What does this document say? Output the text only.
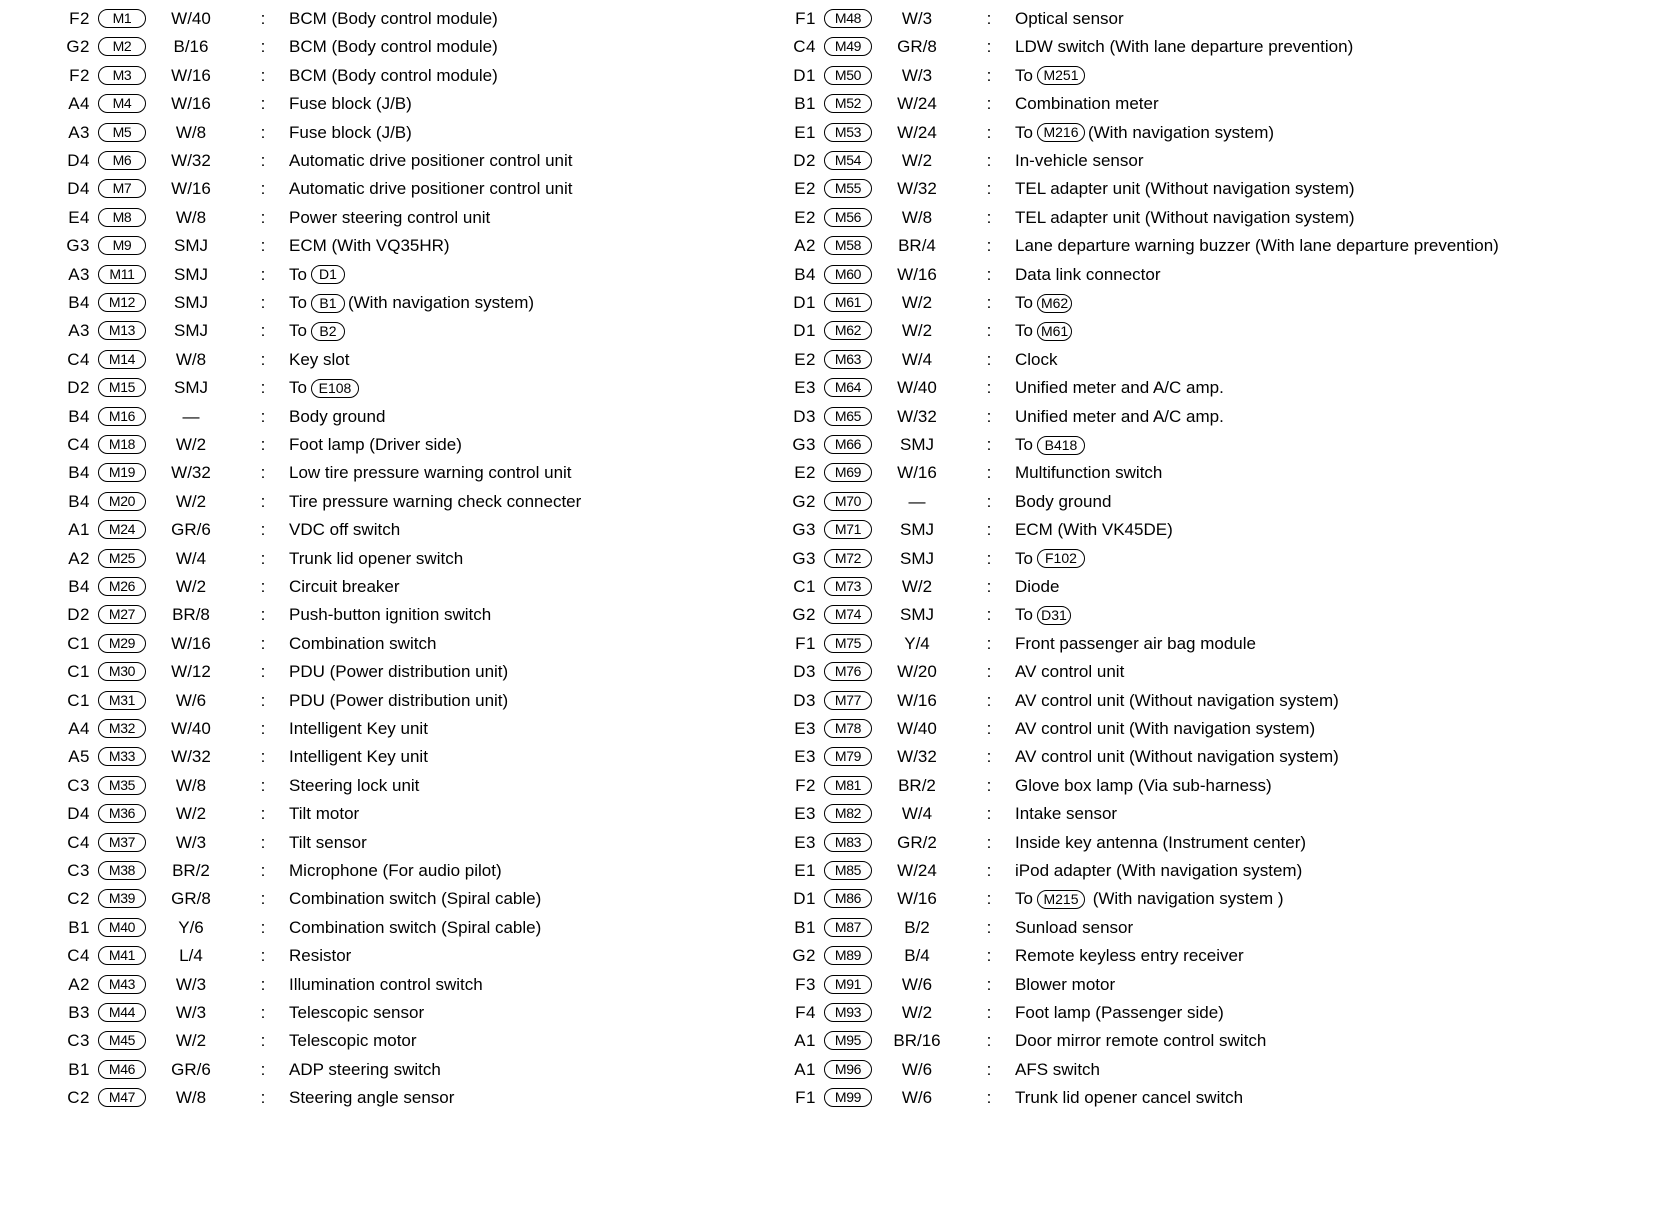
F2	M1	W/40	: BCM (Body control module)
G2	M2	B/16	: BCM (Body control module)
F2	M3	W/16	: BCM (Body control module)
A4	M4	W/16	: Fuse block (J/B)
A3	M5	W/8	: Fuse block (J/B)
D4	M6	W/32	: Automatic drive positioner control unit
D4	M7	W/16	: Automatic drive positioner control unit
E4	M8	W/8	: Power steering control unit
G3	M9	SMJ	: ECM (With VQ35HR)
A3	M11	SMJ	: To D1
B4	M12	SMJ	: To B1 (With navigation system)
A3	M13	SMJ	: To B2
C4	M14	W/8	: Key slot
D2	M15	SMJ	: To E108
B4	M16	—	: Body ground
C4	M18	W/2	: Foot lamp (Driver side)
B4	M19	W/32	: Low tire pressure warning control unit
B4	M20	W/2	: Tire pressure warning check connecter
A1	M24	GR/6	: VDC off switch
A2	M25	W/4	: Trunk lid opener switch
B4	M26	W/2	: Circuit breaker
D2	M27	BR/8	: Push-button ignition switch
C1	M29	W/16	: Combination switch
C1	M30	W/12	: PDU (Power distribution unit)
C1	M31	W/6	: PDU (Power distribution unit)
A4	M32	W/40	: Intelligent Key unit
A5	M33	W/32	: Intelligent Key unit
C3	M35	W/8	: Steering lock unit
D4	M36	W/2	: Tilt motor
C4	M37	W/3	: Tilt sensor
C3	M38	BR/2	: Microphone (For audio pilot)
C2	M39	GR/8	: Combination switch (Spiral cable)
B1	M40	Y/6	: Combination switch (Spiral cable)
C4	M41	L/4	: Resistor
A2	M43	W/3	: Illumination control switch
B3	M44	W/3	: Telescopic sensor
C3	M45	W/2	: Telescopic motor
B1	M46	GR/6	: ADP steering switch
C2	M47	W/8	: Steering angle sensor
F1	M48	W/3	: Optical sensor
C4	M49	GR/8	: LDW switch (With lane departure prevention)
D1	M50	W/3	: To M251
B1	M52	W/24	: Combination meter
E1	M53	W/24	: To M216 (With navigation system)
D2	M54	W/2	: In-vehicle sensor
E2	M55	W/32	: TEL adapter unit (Without navigation system)
E2	M56	W/8	: TEL adapter unit (Without navigation system)
A2	M58	BR/4	: Lane departure warning buzzer (With lane departure prevention)
B4	M60	W/16	: Data link connector
D1	M61	W/2	: To M62
D1	M62	W/2	: To M61
E2	M63	W/4	: Clock
E3	M64	W/40	: Unified meter and A/C amp.
D3	M65	W/32	: Unified meter and A/C amp.
G3	M66	SMJ	: To B418
E2	M69	W/16	: Multifunction switch
G2	M70	—	: Body ground
G3	M71	SMJ	: ECM (With VK45DE)
G3	M72	SMJ	: To F102
C1	M73	W/2	: Diode
G2	M74	SMJ	: To D31
F1	M75	Y/4	: Front passenger air bag module
D3	M76	W/20	: AV control unit
D3	M77	W/16	: AV control unit (Without navigation system)
E3	M78	W/40	: AV control unit (With navigation system)
E3	M79	W/32	: AV control unit (Without navigation system)
F2	M81	BR/2	: Glove box lamp (Via sub-harness)
E3	M82	W/4	: Intake sensor
E3	M83	GR/2	: Inside key antenna (Instrument center)
E1	M85	W/24	: iPod adapter (With navigation system)
D1	M86	W/16	: To M215 (With navigation system )
B1	M87	B/2	: Sunload sensor
G2	M89	B/4	: Remote keyless entry receiver
F3	M91	W/6	: Blower motor
F4	M93	W/2	: Foot lamp (Passenger side)
A1	M95	BR/16	: Door mirror remote control switch
A1	M96	W/6	: AFS switch
F1	M99	W/6	: Trunk lid opener cancel switch
